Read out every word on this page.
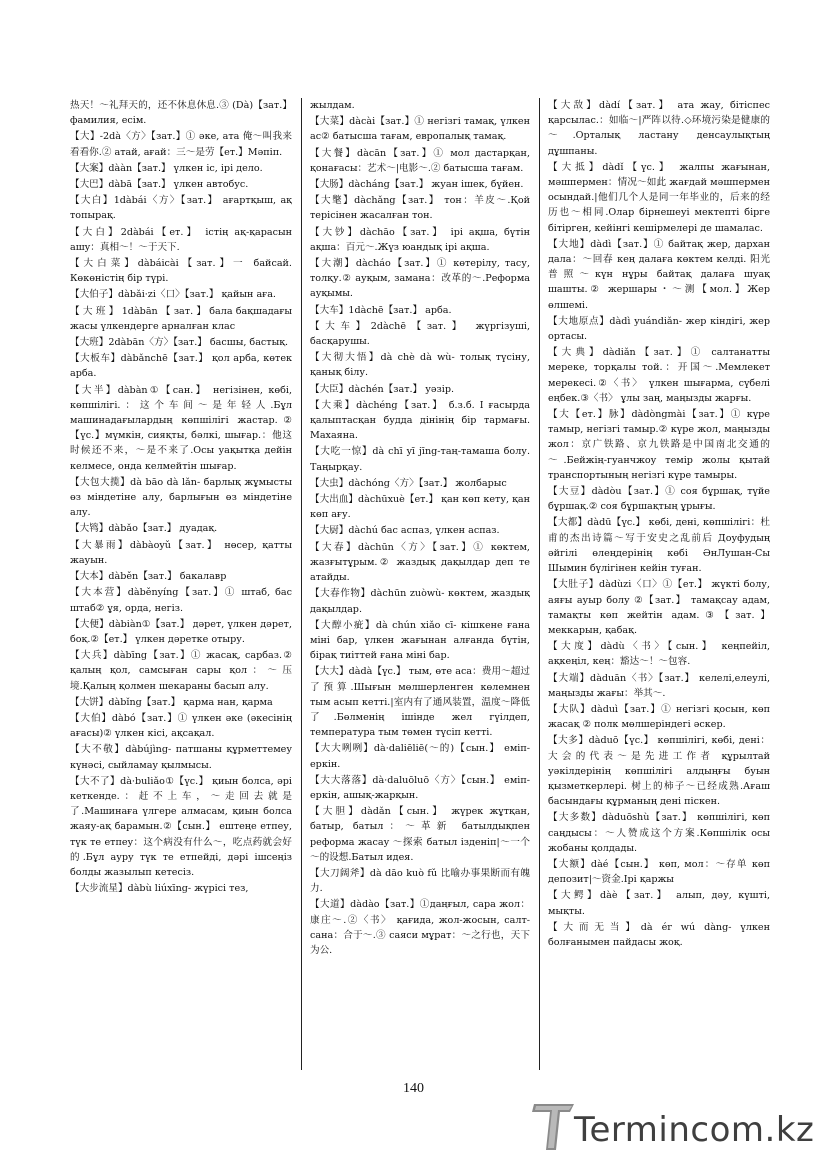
热天！～礼拜天的，还不休息休息.③ (Dà)【зат.】фамилия, есім.
【大】-2dà〈方〉【зат.】① әке, ата 俺～叫我来看看你.② атай, ағай：三～是劳【ет.】Мәпіп.
【大案】dààn【зат.】 үлкен іс, ірі дело.
【大巴】dàbā【зат.】 үлкен автобус.
【大白】1dàbái〈方〉【зат.】 ағартқыш, ақ топырақ.
【大白】2dàbái【ет.】 істің ақ-қарасын ашу：真相～！～于天下.
【大白菜】dàbáicài【зат.】一 байсай. Көкөністің бір түрі.
【大伯子】dàbǎi·zi〈口〉【зат.】 қайын аға.
【 大 班 】 1dàbān 【 зат. 】 бала бақшадағы жасы үлкендерге арналған клас
【大班】2dàbān〈方〉【зат.】 басшы, бастық.
【大板车】dàbǎnchē【зат.】 қол арба, көтек арба.
【大半】dàbàn①【сан.】 негізінен, көбі, көпшілігі.：这个车间～是年轻人.Бұл машинадағылардың көпшілігі жастар.②【үс.】мүмкін, сияқты, бәлкі, шығар.：他这时候还不来，～是不来了.Осы уақытқа дейін келмесе, онда келмейтін шығар.
【大包大揽】dà bāo dà lǎn- барлық жұмысты өз міндетіне алу, барлығын өз міндетіне алу.
【大鸨】dàbǎo【зат.】 дуадақ.
【大暴雨】dàbàoyǔ【зат.】 нөсер, қатты жауын.
【大本】dàběn【зат.】 бакалавр
【大本营】dàběnyíng【зат.】① штаб, бас штаб② ұя, орда, негіз.
【大便】dàbiàn①【зат.】 дәрет, үлкен дәрет, боқ.②【ет.】 үлкен дәретке отыру.
【大兵】dàbīng【зат.】① жасақ, сарбаз.② қалың қол, самсыған сары қол：～压境.Қалың қолмен шекараны басып алу.
【大饼】dàbǐng【зат.】 қарма нан, қарма
【大伯】dàbó【зат.】① үлкен әке (әкесінің ағасы)② үлкен кісі, ақсақал.
【大不敬】dàbújìng- патшаны құрметтемеу күнәсі, сыйламау қылмысы.
【大不了】dà·buliǎo①【үс.】 қиын болса, әрі кеткенде.：赶不上车，～走回去就是了.Машинаға үлгере алмасам, қиын болса жаяу-ақ барамын.②【сын.】 ештеңе етпеу, түк те етпеу：这个病没有什么～，吃点药就会好的.Бұл ауру түк те етпейді, дәрі ішсеңіз болды жазылып кетесіз.
【大步流星】dàbù liúxīng- жүрісі тез,
жылдам.
【大菜】dàcài【зат.】① негізгі тамақ, үлкен ас② батысша тағам, европалық тамақ.
【大餐】dàcān【зат.】① мол дастарқан, қонағасы：艺术～|电影～.② батысша тағам.
【大肠】dàcháng【зат.】 жуан ішек, бүйен.
【大氅】dàchǎng【зат.】 тон：羊皮～.Қой терісінен жасалған тон.
【大钞】dàchāo【зат.】 ірі ақша, бүтін ақша：百元～.Жүз юандық ірі ақша.
【大潮】dàcháo【зат.】① көтерілу, тасу, толқу.② ауқым, замана：改革的～.Реформа ауқымы.
【大车】1dàchē【зат.】 арба.
【大车】2dàchē【зат.】 жүргізуші, басқарушы.
【大彻大悟】dà chè dà wù- толық түсіну, қанық білу.
【大臣】dàchén【зат.】 уәзір.
【大乘】dàchéng【зат.】 б.з.б. I ғасырда қалыптасқан будда дінінің бір тармағы. Махаяна.
【大吃一惊】dà chī yī jīng-таң-тамаша болу. Таңырқау.
【大虫】dàchóng〈方〉【зат.】 жолбарыс
【大出血】dàchūxuè【ет.】 қан көп кету, қан көп ағу.
【大厨】dàchú бас аспаз, үлкен аспаз.
【大春】dàchūn〈方〉【зат.】① көктем, жазғытұрым.② жаздық дақылдар деп те атайды.
【大春作物】dàchūn zuòwù- көктем, жаздық дақылдар.
【大醇小疵】dà chún xiǎo cī- кішкене ғана міні бар, үлкен жағынан алғанда бүтін, бірақ тиіттей ғана міні бар.
【大大】dàdà【үс.】 тым, өте аса：费用～超过了预算.Шығын мөлшерленген көлемнен тым асып кетті.|室内有了通风装置，温度～降低了.Бөлменің ішінде жел гүілдеп, температура тым төмен түсіп кетті.
【大大咧咧】dà·daliēliē(～的)【сын.】 еміп-еркін.
【大大落落】dà·daluōluō〈方〉【сын.】 еміп-еркін, ашық-жарқын.
【大胆】dàdǎn【сын.】 жүрек жұтқан, батыр, батыл：～革新 батылдықпен реформа жасау ～探索 батыл ізденіп|～一个～的设想.Батыл идея.
【大刀阔斧】dà dāo kuò fǔ 比喻办事果断而有魄力.
【大道】dàdào【зат.】①даңғыл, сара жол：康庄～.②〈书〉 қағида, жол-жосын, салт-сана：合于～.③ саяси мұрат：～之行也，天下为公.
【大敌】dàdí【зат.】 ата жау, бітіспес қарсылас.：如临～|严阵以待.◇环境污染是健康的～.Орталық ластану денсаулықтың дұшпаны.
【大抵】dàdǐ【үс.】 жалпы жағынан, мәшпермен：情况～如此 жағдай мәшпермен осындай.|他们几个人是同一年毕业的，后来的经历也～相同.Олар бірнешеуі мектепті бірге бітірген, кейінгі кешірмелері де шамалас.
【大地】dàdì【зат.】① байтақ жер, дархан дала：～回春 кең далаға көктем келді. 阳光普照～күн нұры байтақ далаға шуақ шашты.② жершары・～测【мол.】Жер өлшемі.
【大地原点】dàdì yuándiǎn- жер кіндігі, жер ортасы.
【大典】dàdiǎn【зат.】① салтанатты мереке, торқалы той.：开国～.Мемлекет мерекесі.②〈书〉 үлкен шығарма, сүбелі еңбек.③〈书〉 ұлы заң, маңызды жарғы.
【大【ет.】脉】dàdòngmài【зат.】① күре тамыр, негізгі тамыр.② күре жол, маңызды жол：京广铁路、京九铁路是中国南北交通的～.Бейжің-гуанчжоу темір жолы қытай транспортының негізгі күре тамыры.
【大豆】dàdòu【зат.】① соя бұршақ, түйе бұршақ.② соя бұршақтың ұрығы.
【大都】dàdū【үс.】 көбі, дені, көпшілігі：杜甫的杰出诗篇～写于安史之乱前后 Доуфудың әйгілі өлеңдерінің көбі ӘнЛушан-Сы Шымин бүлігінен кейін туған.
【大肚子】dàdùzi〈口〉①【ет.】 жүкті болу, аяғы ауыр болу ②【зат.】 тамақсау адам, тамақты көп жейтін адам.③【зат.】 меккарын, қабақ.
【大度】dàdù〈书〉【сын.】 кеңпейіл, ақкеңіл, кең：豁达～！～包容.
【大端】dàduān〈书〉【зат.】 келелі,елеулі, маңызды жағы：举其～.
【大队】dàduì【зат.】① негізгі қосын, көп жасақ ② полк мөлшеріндегі әскер.
【大多】dàduō【үс.】 көпшілігі, көбі, дені：大会的代表～是先进工作者 құрылтай уәкілдерінің көпшілігі алдыңғы буын қызметкерлері. 树上的柿子～已经成熟.Ағаш басындағы құрманың дені піскен.
【大多数】dàduōshù【зат.】 көпшілігі, көп саңдысы：～人赞成这个方案.Көпшілік осы жобаны қолдады.
【大额】dàé【сын.】 көп, мол：～存单 көп депозит|～资金.Ірі қаржы
【大鳄】dàè【зат.】 алып, дәу, күшті, мықты.
【大而无当】dà ér wú dàng- үлкен болғанымен пайдасы жоқ.
140
Termincom.kz
